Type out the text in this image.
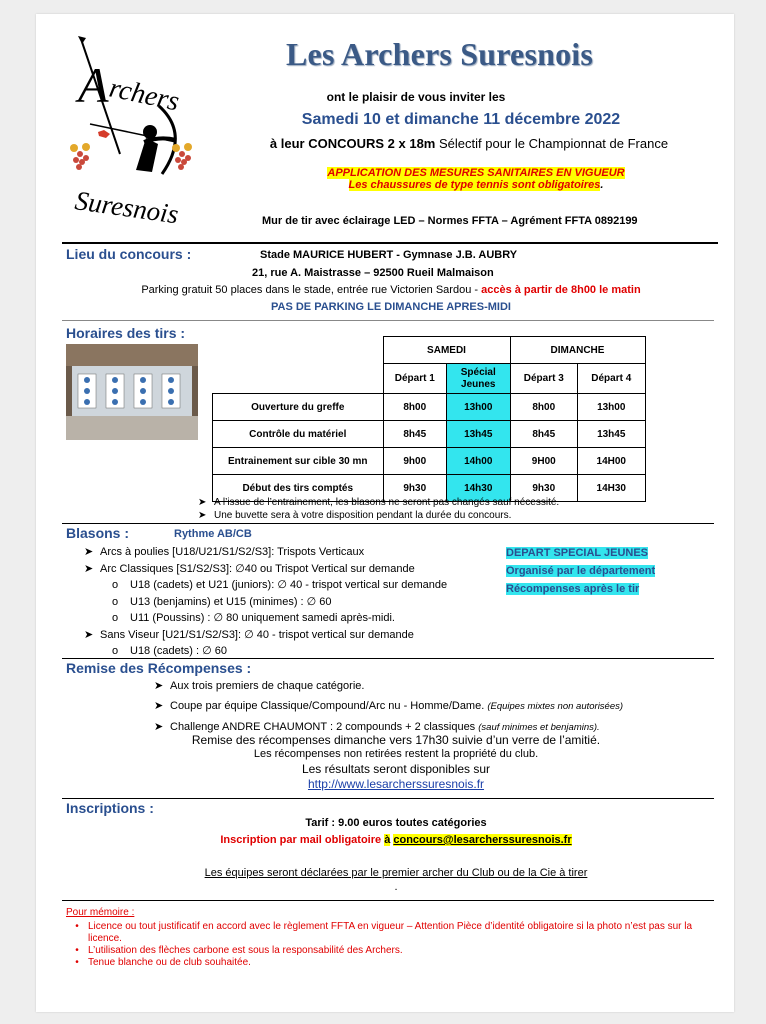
A
rchers
Suresnois
Les Archers Suresnois
ont le plaisir de vous inviter les
Samedi 10 et dimanche 11 décembre 2022
à leur CONCOURS 2 x 18m Sélectif pour le Championnat de France
APPLICATION DES MESURES SANITAIRES EN VIGUEUR
Les chaussures de type tennis sont obligatoires.
Mur de tir avec éclairage LED – Normes FFTA – Agrément FFTA 0892199
Lieu du concours :	Stade MAURICE HUBERT - Gymnase J.B. AUBRY
21, rue A. Maistrasse – 92500 Rueil Malmaison
Parking gratuit 50 places dans le stade, entrée rue Victorien Sardou - accès à partir de 8h00 le matin
PAS DE PARKING LE DIMANCHE APRES-MIDI
Horaires des tirs :
	SAMEDI		DIMANCHE	
	Départ 1	Spécial Jeunes	Départ 3	Départ 4
Ouverture du greffe	8h00	13h00	8h00	13h00
Contrôle du matériel	8h45	13h45	8h45	13h45
Entrainement sur cible 30 mn	9h00	14h00	9H00	14H00
Début des tirs comptés	9h30	14h30	9h30	14H30
➤ A l’issue de l’entrainement, les blasons ne seront pas changés sauf nécessité.
➤ Une buvette sera à votre disposition pendant la durée du concours.
Blasons :	Rythme AB/CB
➤ Arcs à poulies [U18/U21/S1/S2/S3]: Trispots Verticaux
➤ Arc Classiques [S1/S2/S3]: ∅40 ou Trispot Vertical sur demande
o U18 (cadets) et U21 (juniors): ∅ 40 - trispot vertical sur demande
o U13 (benjamins) et U15 (minimes) : ∅ 60
o U11 (Poussins) : ∅ 80 uniquement samedi après-midi.
➤ Sans Viseur [U21/S1/S2/S3]: ∅ 40 - trispot vertical sur demande
o U18 (cadets) : ∅ 60
DEPART SPECIAL JEUNES
Organisé par le département
Récompenses après le tir
Remise des Récompenses :
➤ Aux trois premiers de chaque catégorie.
➤ Coupe par équipe Classique/Compound/Arc nu - Homme/Dame. (Equipes mixtes non autorisées)
➤ Challenge ANDRE CHAUMONT : 2 compounds + 2 classiques (sauf minimes et benjamins).
Remise des récompenses dimanche vers 17h30 suivie d’un verre de l’amitié.
Les récompenses non retirées restent la propriété du club.
Les résultats seront disponibles sur
http://www.lesarcherssuresnois.fr
Inscriptions :
Tarif : 9.00 euros toutes catégories
Inscription par mail obligatoire à concours@lesarcherssuresnois.fr
Les équipes seront déclarées par le premier archer du Club ou de la Cie à tirer
.
Pour mémoire :
• Licence ou tout justificatif en accord avec le règlement FFTA en vigueur – Attention Pièce d’identité obligatoire si la photo n’est pas sur la licence.
• L’utilisation des flèches carbone est sous la responsabilité des Archers.
• Tenue blanche ou de club souhaitée.
